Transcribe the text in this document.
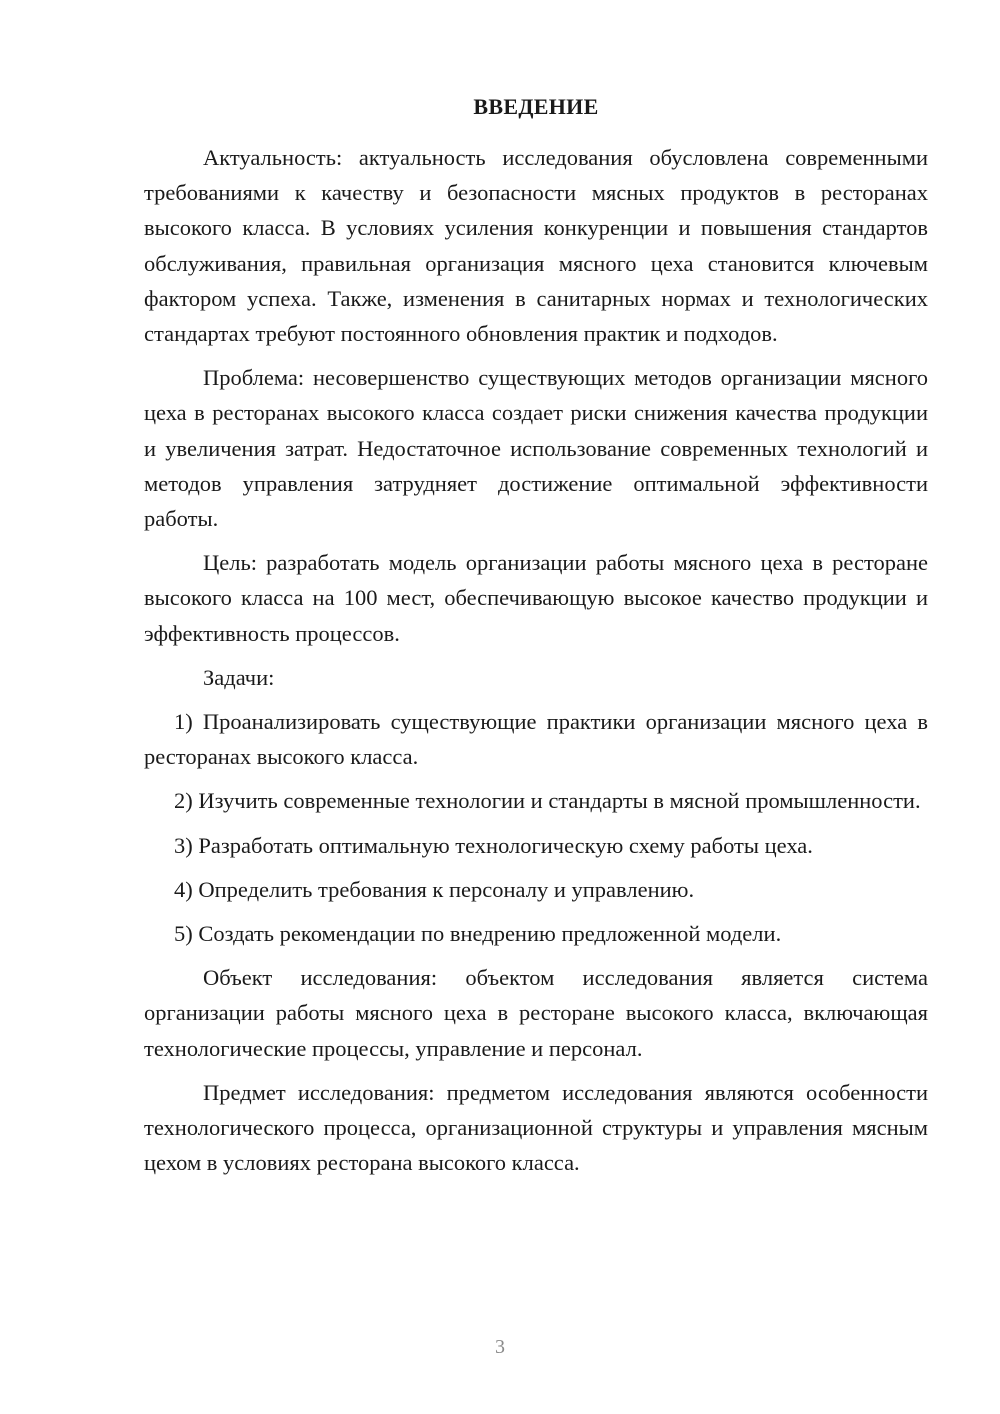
ВВЕДЕНИЕ

Актуальность: актуальность исследования обусловлена современными требованиями к качеству и безопасности мясных продуктов в ресторанах высокого класса. В условиях усиления конкуренции и повышения стандартов обслуживания, правильная организация мясного цеха становится ключевым фактором успеха. Также, изменения в санитарных нормах и технологических стандартах требуют постоянного обновления практик и подходов.

Проблема: несовершенство существующих методов организации мясного цеха в ресторанах высокого класса создает риски снижения качества продукции и увеличения затрат. Недостаточное использование современных технологий и методов управления затрудняет достижение оптимальной эффективности работы.

Цель: разработать модель организации работы мясного цеха в ресторане высокого класса на 100 мест, обеспечивающую высокое качество продукции и эффективность процессов.

Задачи:

1) Проанализировать существующие практики организации мясного цеха в ресторанах высокого класса.

2) Изучить современные технологии и стандарты в мясной промышленности.

3) Разработать оптимальную технологическую схему работы цеха.

4) Определить требования к персоналу и управлению.

5) Создать рекомендации по внедрению предложенной модели.

Объект исследования: объектом исследования является система организации работы мясного цеха в ресторане высокого класса, включающая технологические процессы, управление и персонал.

Предмет исследования: предметом исследования являются особенности технологического процесса, организационной структуры и управления мясным цехом в условиях ресторана высокого класса.

3
